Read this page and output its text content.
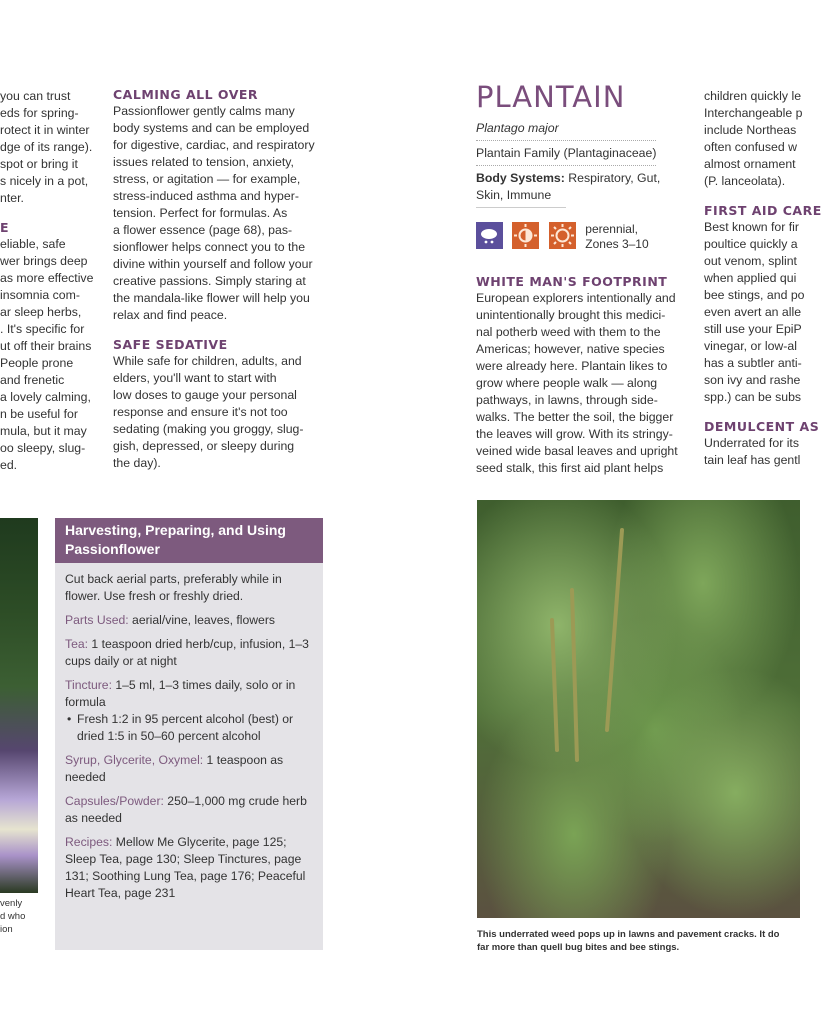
you can trust
eds for spring-
rotect it in winter
dge of its range).
spot or bring it
s nicely in a pot,
nter.
E
eliable, safe
wer brings deep
as more effective
insomnia com-
ar sleep herbs,
. It's specific for
ut off their brains
People prone
and frenetic
a lovely calming,
n be useful for
mula, but it may
oo sleepy, slug-
ed.
CALMING ALL OVER
Passionflower gently calms many
body systems and can be employed
for digestive, cardiac, and respiratory
issues related to tension, anxiety,
stress, or agitation — for example,
stress-induced asthma and hyper-
tension. Perfect for formulas. As
a flower essence (page 68), pas-
sionflower helps connect you to the
divine within yourself and follow your
creative passions. Simply staring at
the mandala-like flower will help you
relax and find peace.
SAFE SEDATIVE
While safe for children, adults, and
elders, you'll want to start with
low doses to gauge your personal
response and ensure it's not too
sedating (making you groggy, slug-
gish, depressed, or sleepy during
the day).
venly
d who
ion
Harvesting, Preparing, and Using Passionflower

Cut back aerial parts, preferably while in flower. Use fresh or freshly dried.

Parts Used: aerial/vine, leaves, flowers

Tea: 1 teaspoon dried herb/cup, infusion, 1–3 cups daily or at night

Tincture: 1–5 ml, 1–3 times daily, solo or in formula

• Fresh 1:2 in 95 percent alcohol (best) or dried 1:5 in 50–60 percent alcohol

Syrup, Glycerite, Oxymel: 1 teaspoon as needed

Capsules/Powder: 250–1,000 mg crude herb as needed

Recipes: Mellow Me Glycerite, page 125; Sleep Tea, page 130; Sleep Tinctures, page 131; Soothing Lung Tea, page 176; Peaceful Heart Tea, page 231

PLANTAIN
Plantago major
Plantain Family (Plantaginaceae)
Body Systems: Respiratory, Gut, Skin, Immune

perennial,
Zones 3–10
WHITE MAN'S FOOTPRINT
European explorers intentionally and
unintentionally brought this medici-
nal potherb weed with them to the
Americas; however, native species
were already here. Plantain likes to
grow where people walk — along
pathways, in lawns, through side-
walks. The better the soil, the bigger
the leaves will grow. With its stringy-
veined wide basal leaves and upright
seed stalk, this first aid plant helps
children quickly le
Interchangeable p
include Northeas
often confused w
almost ornament
(P. lanceolata).
FIRST AID CARE
Best known for fir
poultice quickly a
out venom, splint
when applied qui
bee stings, and po
even avert an alle
still use your EpiP
vinegar, or low-al
has a subtler anti-
son ivy and rashe
spp.) can be subs
DEMULCENT AS
Underrated for its
tain leaf has gentl
This underrated weed pops up in lawns and pavement cracks. It do
far more than quell bug bites and bee stings.
